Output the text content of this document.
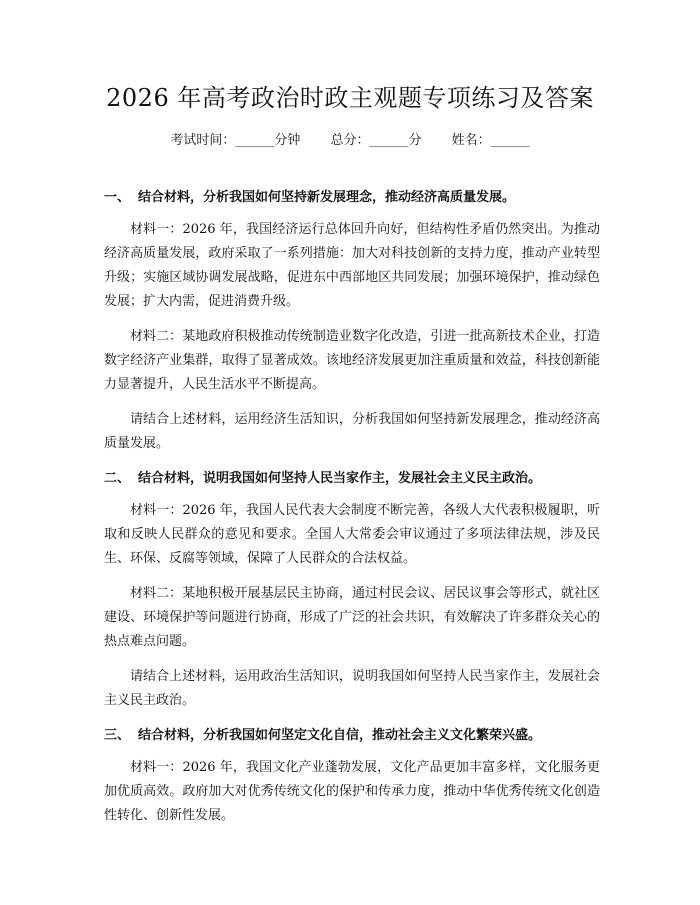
2026 年高考政治时政主观题专项练习及答案
考试时间：______分钟 总分：______分 姓名：______
一、 结合材料，分析我国如何坚持新发展理念，推动经济高质量发展。

材料一：2026 年，我国经济运行总体回升向好，但结构性矛盾仍然突出。为推动经济高质量发展，政府采取了一系列措施：加大对科技创新的支持力度，推动产业转型升级；实施区域协调发展战略，促进东中西部地区共同发展；加强环境保护，推动绿色发展；扩大内需，促进消费升级。

材料二：某地政府积极推动传统制造业数字化改造，引进一批高新技术企业，打造数字经济产业集群，取得了显著成效。该地经济发展更加注重质量和效益，科技创新能力显著提升，人民生活水平不断提高。

请结合上述材料，运用经济生活知识，分析我国如何坚持新发展理念，推动经济高质量发展。

二、 结合材料，说明我国如何坚持人民当家作主，发展社会主义民主政治。

材料一：2026 年，我国人民代表大会制度不断完善，各级人大代表积极履职，听取和反映人民群众的意见和要求。全国人大常委会审议通过了多项法律法规，涉及民生、环保、反腐等领域，保障了人民群众的合法权益。

材料二：某地积极开展基层民主协商，通过村民会议、居民议事会等形式，就社区建设、环境保护等问题进行协商，形成了广泛的社会共识，有效解决了许多群众关心的热点难点问题。

请结合上述材料，运用政治生活知识，说明我国如何坚持人民当家作主，发展社会主义民主政治。

三、 结合材料，分析我国如何坚定文化自信，推动社会主义文化繁荣兴盛。

材料一：2026 年，我国文化产业蓬勃发展，文化产品更加丰富多样，文化服务更加优质高效。政府加大对优秀传统文化的保护和传承力度，推动中华优秀传统文化创造性转化、创新性发展。
